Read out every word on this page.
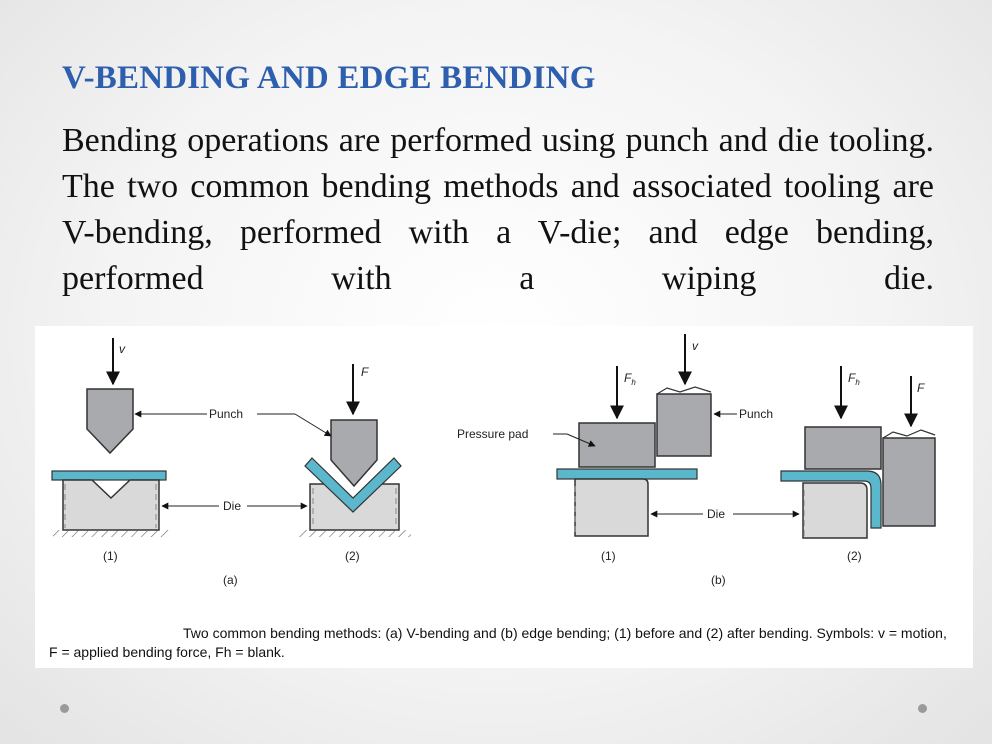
V-BENDING AND EDGE BENDING

Bending operations are performed using punch and die tooling. The two common bending methods and associated tooling are V-bending, performed with a V-die; and edge bending, performed with a wiping die.

v
F
Punch
Die
(1)	(2)
(a)
$F_h$
v
$F_h$	F
Pressure pad
Punch
Die
(1)	(2)
(b)

Two common bending methods: (a) V-bending and (b) edge bending; (1) before and (2) after bending. Symbols: v = motion, F = applied bending force, Fh = blank.
